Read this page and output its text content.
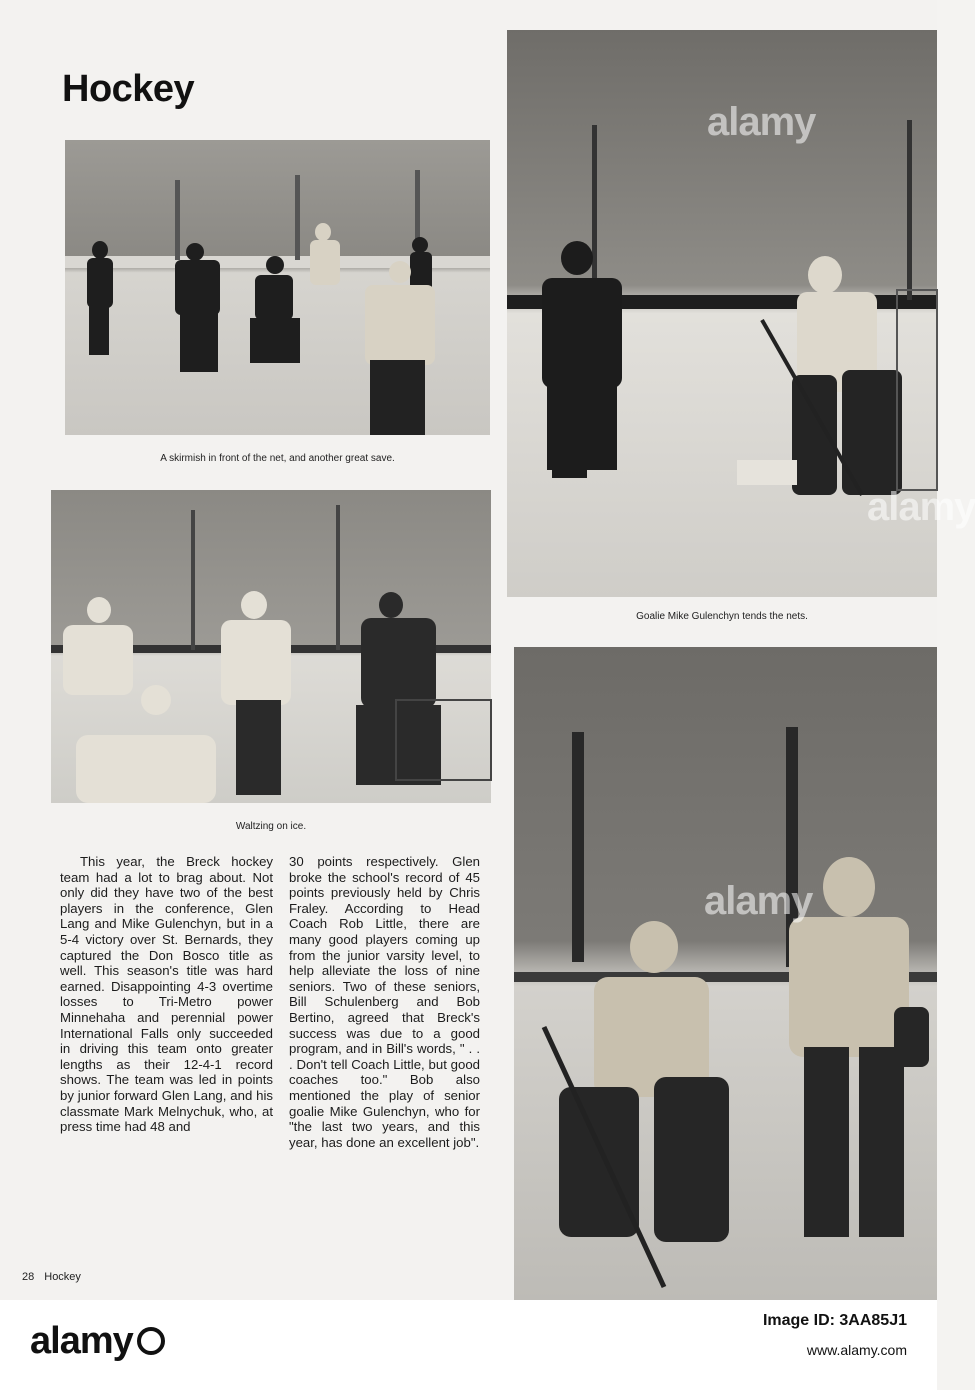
Hockey
A skirmish in front of the net, and another great save.
alamy
alamy
Goalie Mike Gulenchyn tends the nets.
Waltzing on ice.
alamy

This year, the Breck hockey team had a lot to brag about. Not only did they have two of the best players in the conference, Glen Lang and Mike Gulenchyn, but in a 5-4 victory over St. Bernards, they captured the Don Bosco title as well. This season's title was hard earned. Disappointing 4-3 overtime losses to Tri-Metro power Minnehaha and perennial power International Falls only succeeded in driving this team onto greater lengths as their 12-4-1 record shows. The team was led in points by junior forward Glen Lang, and his classmate Mark Melnychuk, who, at press time had 48 and

30 points respectively. Glen broke the school's record of 45 points previously held by Chris Fraley. According to Head Coach Rob Little, there are many good players coming up from the junior varsity level, to help alleviate the loss of nine seniors. Two of these seniors, Bill Schulenberg and Bob Bertino, agreed that Breck's success was due to a good program, and in Bill's words, " . . . Don't tell Coach Little, but good coaches too." Bob also mentioned the play of senior goalie Mike Gulenchyn, who for "the last two years, and this year, has done an excellent job".

28 Hockey
alamy	Image ID: 3AA85J1
www.alamy.com
